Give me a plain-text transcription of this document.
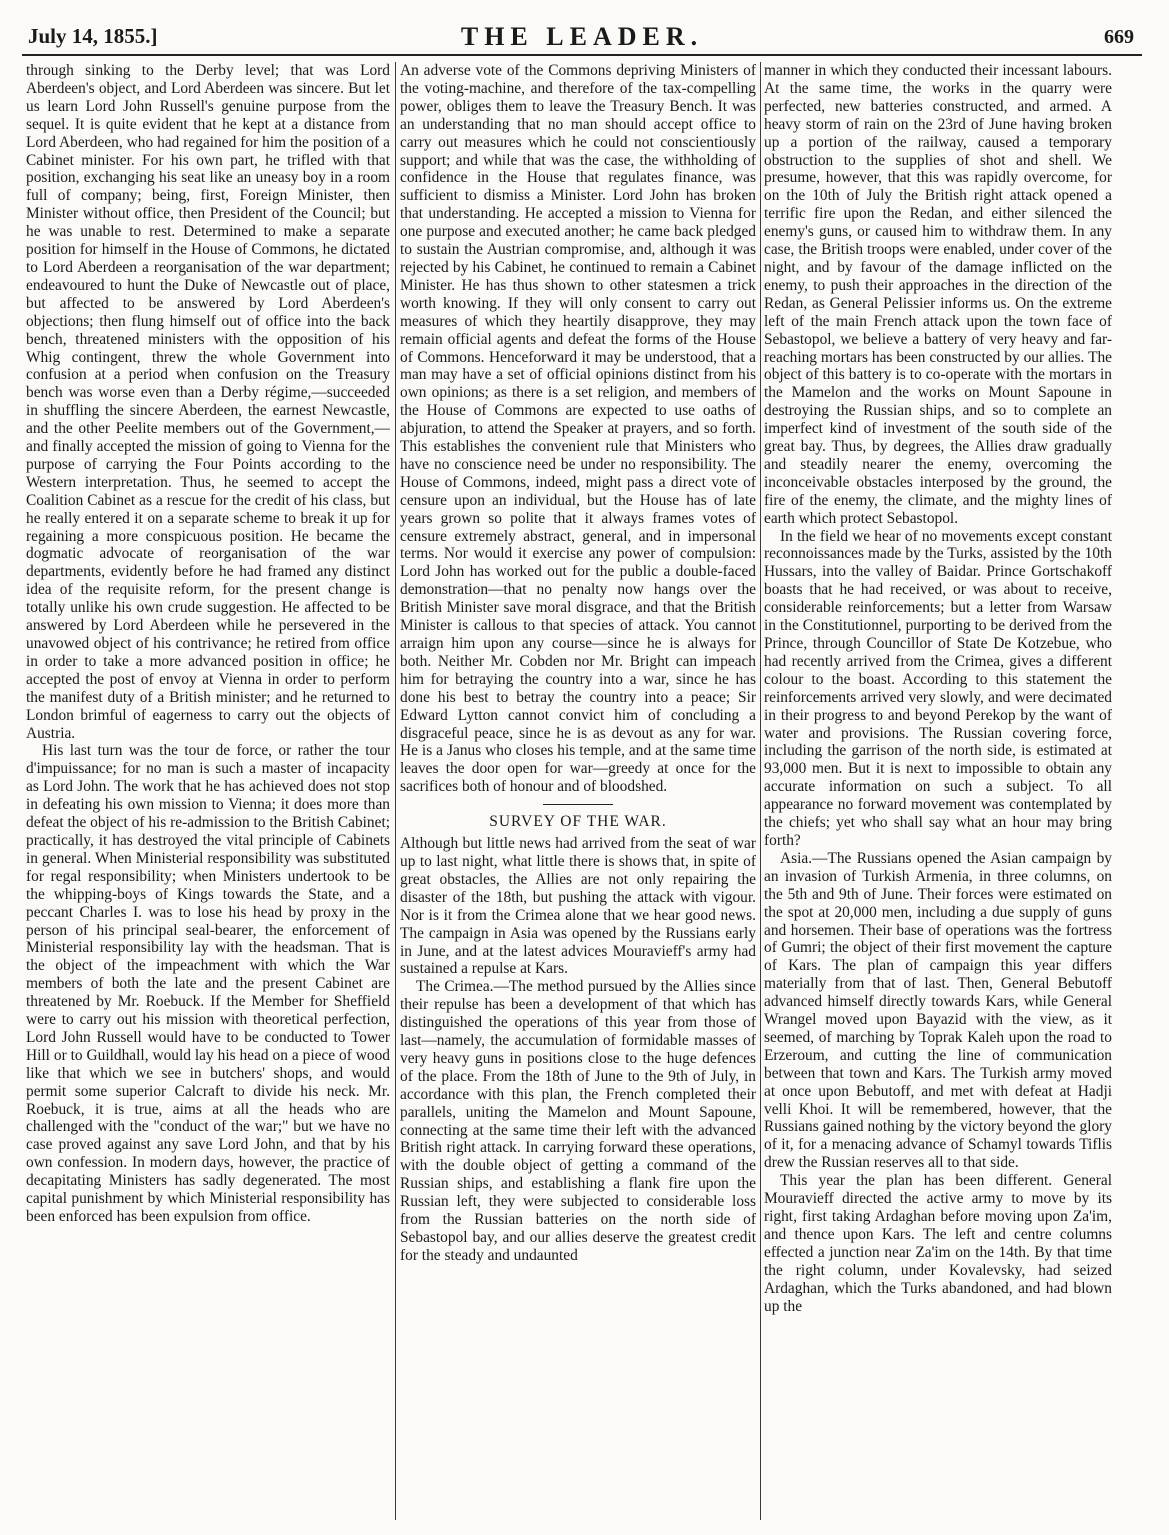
July 14, 1855.]	THE LEADER.	669

through sinking to the Derby level; that was Lord Aberdeen's object, and Lord Aberdeen was sincere. But let us learn Lord John Russell's genuine purpose from the sequel. It is quite evident that he kept at a distance from Lord Aberdeen, who had regained for him the position of a Cabinet minister. For his own part, he trifled with that position, exchanging his seat like an uneasy boy in a room full of company; being, first, Foreign Minister, then Minister without office, then President of the Council; but he was unable to rest. Determined to make a separate position for himself in the House of Commons, he dictated to Lord Aberdeen a reorganisation of the war department; endeavoured to hunt the Duke of Newcastle out of place, but affected to be answered by Lord Aberdeen's objections; then flung himself out of office into the back bench, threatened ministers with the opposition of his Whig contingent, threw the whole Government into confusion at a period when confusion on the Treasury bench was worse even than a Derby régime,—succeeded in shuffling the sincere Aberdeen, the earnest Newcastle, and the other Peelite members out of the Government,—and finally accepted the mission of going to Vienna for the purpose of carrying the Four Points according to the Western interpretation. Thus, he seemed to accept the Coalition Cabinet as a rescue for the credit of his class, but he really entered it on a separate scheme to break it up for regaining a more conspicuous position. He became the dogmatic advocate of reorganisation of the war departments, evidently before he had framed any distinct idea of the requisite reform, for the present change is totally unlike his own crude suggestion. He affected to be answered by Lord Aberdeen while he persevered in the unavowed object of his contrivance; he retired from office in order to take a more advanced position in office; he accepted the post of envoy at Vienna in order to perform the manifest duty of a British minister; and he returned to London brimful of eagerness to carry out the objects of Austria.

His last turn was the tour de force, or rather the tour d'impuissance; for no man is such a master of incapacity as Lord John. The work that he has achieved does not stop in defeating his own mission to Vienna; it does more than defeat the object of his re-admission to the British Cabinet; practically, it has destroyed the vital principle of Cabinets in general. When Ministerial responsibility was substituted for regal responsibility; when Ministers undertook to be the whipping-boys of Kings towards the State, and a peccant Charles I. was to lose his head by proxy in the person of his principal seal-bearer, the enforcement of Ministerial responsibility lay with the headsman. That is the object of the impeachment with which the War members of both the late and the present Cabinet are threatened by Mr. Roebuck. If the Member for Sheffield were to carry out his mission with theoretical perfection, Lord John Russell would have to be conducted to Tower Hill or to Guildhall, would lay his head on a piece of wood like that which we see in butchers' shops, and would permit some superior Calcraft to divide his neck. Mr. Roebuck, it is true, aims at all the heads who are challenged with the "conduct of the war;" but we have no case proved against any save Lord John, and that by his own confession. In modern days, however, the practice of decapitating Ministers has sadly degenerated. The most capital punishment by which Ministerial responsibility has been enforced has been expulsion from office.

An adverse vote of the Commons depriving Ministers of the voting-machine, and therefore of the tax-compelling power, obliges them to leave the Treasury Bench. It was an understanding that no man should accept office to carry out measures which he could not conscientiously support; and while that was the case, the withholding of confidence in the House that regulates finance, was sufficient to dismiss a Minister. Lord John has broken that understanding. He accepted a mission to Vienna for one purpose and executed another; he came back pledged to sustain the Austrian compromise, and, although it was rejected by his Cabinet, he continued to remain a Cabinet Minister. He has thus shown to other statesmen a trick worth knowing. If they will only consent to carry out measures of which they heartily disapprove, they may remain official agents and defeat the forms of the House of Commons. Henceforward it may be understood, that a man may have a set of official opinions distinct from his own opinions; as there is a set religion, and members of the House of Commons are expected to use oaths of abjuration, to attend the Speaker at prayers, and so forth. This establishes the convenient rule that Ministers who have no conscience need be under no responsibility. The House of Commons, indeed, might pass a direct vote of censure upon an individual, but the House has of late years grown so polite that it always frames votes of censure extremely abstract, general, and in impersonal terms. Nor would it exercise any power of compulsion: Lord John has worked out for the public a double-faced demonstration—that no penalty now hangs over the British Minister save moral disgrace, and that the British Minister is callous to that species of attack. You cannot arraign him upon any course—since he is always for both. Neither Mr. Cobden nor Mr. Bright can impeach him for betraying the country into a war, since he has done his best to betray the country into a peace; Sir Edward Lytton cannot convict him of concluding a disgraceful peace, since he is as devout as any for war. He is a Janus who closes his temple, and at the same time leaves the door open for war—greedy at once for the sacrifices both of honour and of bloodshed.

SURVEY OF THE WAR.

Although but little news had arrived from the seat of war up to last night, what little there is shows that, in spite of great obstacles, the Allies are not only repairing the disaster of the 18th, but pushing the attack with vigour. Nor is it from the Crimea alone that we hear good news. The campaign in Asia was opened by the Russians early in June, and at the latest advices Mouravieff's army had sustained a repulse at Kars.

The Crimea.—The method pursued by the Allies since their repulse has been a development of that which has distinguished the operations of this year from those of last—namely, the accumulation of formidable masses of very heavy guns in positions close to the huge defences of the place. From the 18th of June to the 9th of July, in accordance with this plan, the French completed their parallels, uniting the Mamelon and Mount Sapoune, connecting at the same time their left with the advanced British right attack. In carrying forward these operations, with the double object of getting a command of the Russian ships, and establishing a flank fire upon the Russian left, they were subjected to considerable loss from the Russian batteries on the north side of Sebastopol bay, and our allies deserve the greatest credit for the steady and undaunted

manner in which they conducted their incessant labours. At the same time, the works in the quarry were perfected, new batteries constructed, and armed. A heavy storm of rain on the 23rd of June having broken up a portion of the railway, caused a temporary obstruction to the supplies of shot and shell. We presume, however, that this was rapidly overcome, for on the 10th of July the British right attack opened a terrific fire upon the Redan, and either silenced the enemy's guns, or caused him to withdraw them. In any case, the British troops were enabled, under cover of the night, and by favour of the damage inflicted on the enemy, to push their approaches in the direction of the Redan, as General Pelissier informs us. On the extreme left of the main French attack upon the town face of Sebastopol, we believe a battery of very heavy and far-reaching mortars has been constructed by our allies. The object of this battery is to co-operate with the mortars in the Mamelon and the works on Mount Sapoune in destroying the Russian ships, and so to complete an imperfect kind of investment of the south side of the great bay. Thus, by degrees, the Allies draw gradually and steadily nearer the enemy, overcoming the inconceivable obstacles interposed by the ground, the fire of the enemy, the climate, and the mighty lines of earth which protect Sebastopol.

In the field we hear of no movements except constant reconnoissances made by the Turks, assisted by the 10th Hussars, into the valley of Baidar. Prince Gortschakoff boasts that he had received, or was about to receive, considerable reinforcements; but a letter from Warsaw in the Constitutionnel, purporting to be derived from the Prince, through Councillor of State De Kotzebue, who had recently arrived from the Crimea, gives a different colour to the boast. According to this statement the reinforcements arrived very slowly, and were decimated in their progress to and beyond Perekop by the want of water and provisions. The Russian covering force, including the garrison of the north side, is estimated at 93,000 men. But it is next to impossible to obtain any accurate information on such a subject. To all appearance no forward movement was contemplated by the chiefs; yet who shall say what an hour may bring forth?

Asia.—The Russians opened the Asian campaign by an invasion of Turkish Armenia, in three columns, on the 5th and 9th of June. Their forces were estimated on the spot at 20,000 men, including a due supply of guns and horsemen. Their base of operations was the fortress of Gumri; the object of their first movement the capture of Kars. The plan of campaign this year differs materially from that of last. Then, General Bebutoff advanced himself directly towards Kars, while General Wrangel moved upon Bayazid with the view, as it seemed, of marching by Toprak Kaleh upon the road to Erzeroum, and cutting the line of communication between that town and Kars. The Turkish army moved at once upon Bebutoff, and met with defeat at Hadji velli Khoi. It will be remembered, however, that the Russians gained nothing by the victory beyond the glory of it, for a menacing advance of Schamyl towards Tiflis drew the Russian reserves all to that side.

This year the plan has been different. General Mouravieff directed the active army to move by its right, first taking Ardaghan before moving upon Za'im, and thence upon Kars. The left and centre columns effected a junction near Za'im on the 14th. By that time the right column, under Kovalevsky, had seized Ardaghan, which the Turks abandoned, and had blown up the
